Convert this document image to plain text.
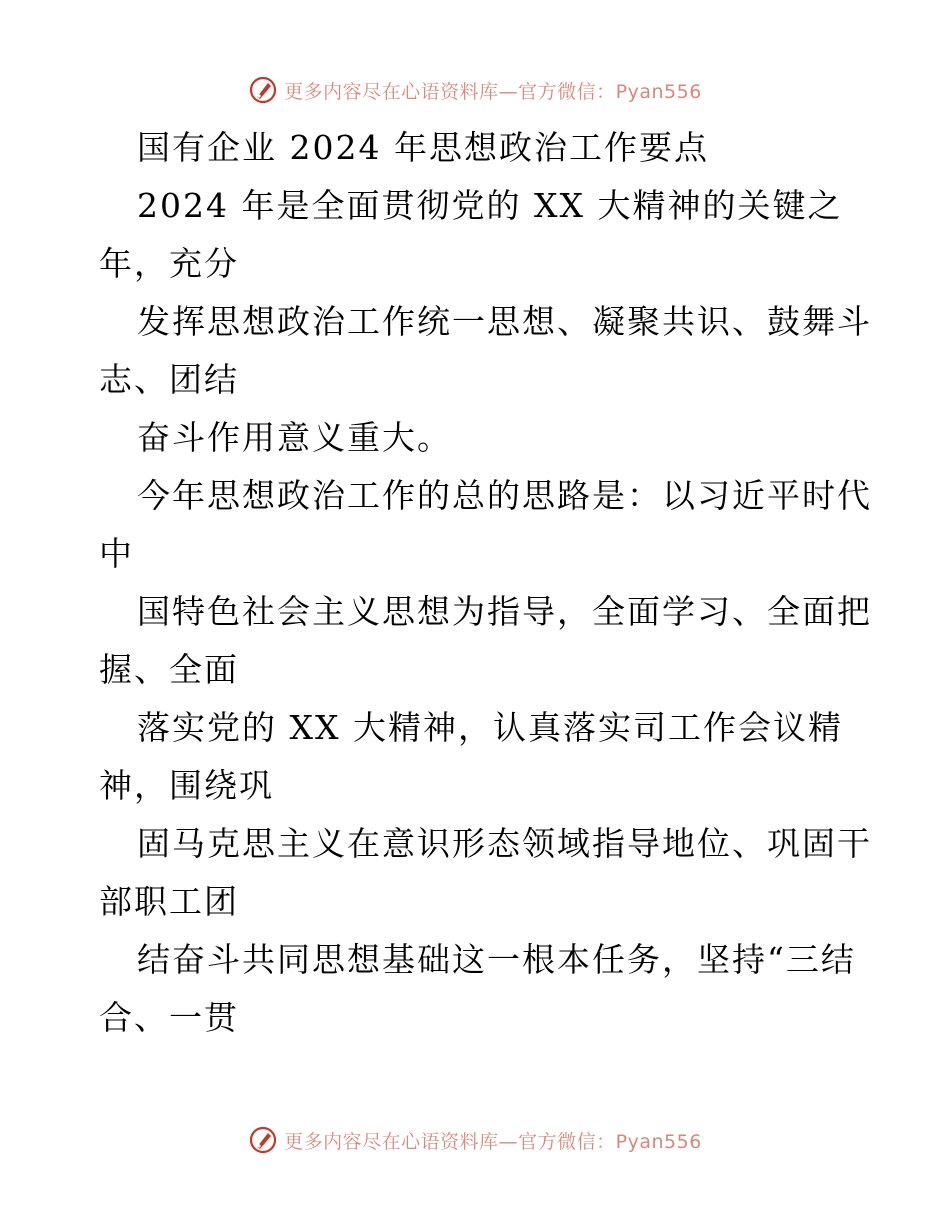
更多内容尽在心语资料库—官方微信：Pyan556
国有企业 2024 年思想政治工作要点
2024 年是全面贯彻党的 XX 大精神的关键之
年，充分
发挥思想政治工作统一思想、凝聚共识、鼓舞斗
志、团结
奋斗作用意义重大。
今年思想政治工作的总的思路是：以习近平时代
中
国特色社会主义思想为指导，全面学习、全面把
握、全面
落实党的 XX 大精神，认真落实司工作会议精
神，围绕巩
固马克思主义在意识形态领域指导地位、巩固干
部职工团
结奋斗共同思想基础这一根本任务，坚持“三结
合、一贯
更多内容尽在心语资料库—官方微信：Pyan556
